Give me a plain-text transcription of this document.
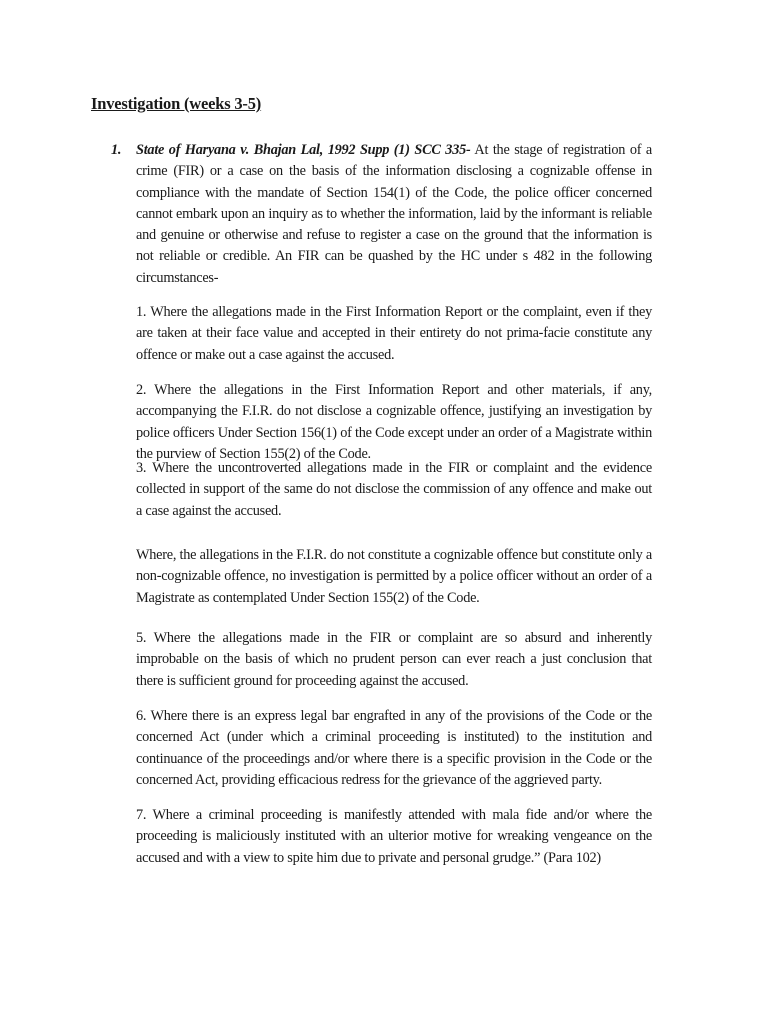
Investigation (weeks 3-5)
1. State of Haryana v. Bhajan Lal, 1992 Supp (1) SCC 335- At the stage of registration of a crime (FIR) or a case on the basis of the information disclosing a cognizable offense in compliance with the mandate of Section 154(1) of the Code, the police officer concerned cannot embark upon an inquiry as to whether the information, laid by the informant is reliable and genuine or otherwise and refuse to register a case on the ground that the information is not reliable or credible. An FIR can be quashed by the HC under s 482 in the following circumstances-
1. Where the allegations made in the First Information Report or the complaint, even if they are taken at their face value and accepted in their entirety do not prima-facie constitute any offence or make out a case against the accused.
2. Where the allegations in the First Information Report and other materials, if any, accompanying the F.I.R. do not disclose a cognizable offence, justifying an investigation by police officers Under Section 156(1) of the Code except under an order of a Magistrate within the purview of Section 155(2) of the Code.
3. Where the uncontroverted allegations made in the FIR or complaint and the evidence collected in support of the same do not disclose the commission of any offence and make out a case against the accused.
Where, the allegations in the F.I.R. do not constitute a cognizable offence but constitute only a non-cognizable offence, no investigation is permitted by a police officer without an order of a Magistrate as contemplated Under Section 155(2) of the Code.
5. Where the allegations made in the FIR or complaint are so absurd and inherently improbable on the basis of which no prudent person can ever reach a just conclusion that there is sufficient ground for proceeding against the accused.
6. Where there is an express legal bar engrafted in any of the provisions of the Code or the concerned Act (under which a criminal proceeding is instituted) to the institution and continuance of the proceedings and/or where there is a specific provision in the Code or the concerned Act, providing efficacious redress for the grievance of the aggrieved party.
7. Where a criminal proceeding is manifestly attended with mala fide and/or where the proceeding is maliciously instituted with an ulterior motive for wreaking vengeance on the accused and with a view to spite him due to private and personal grudge.” (Para 102)
